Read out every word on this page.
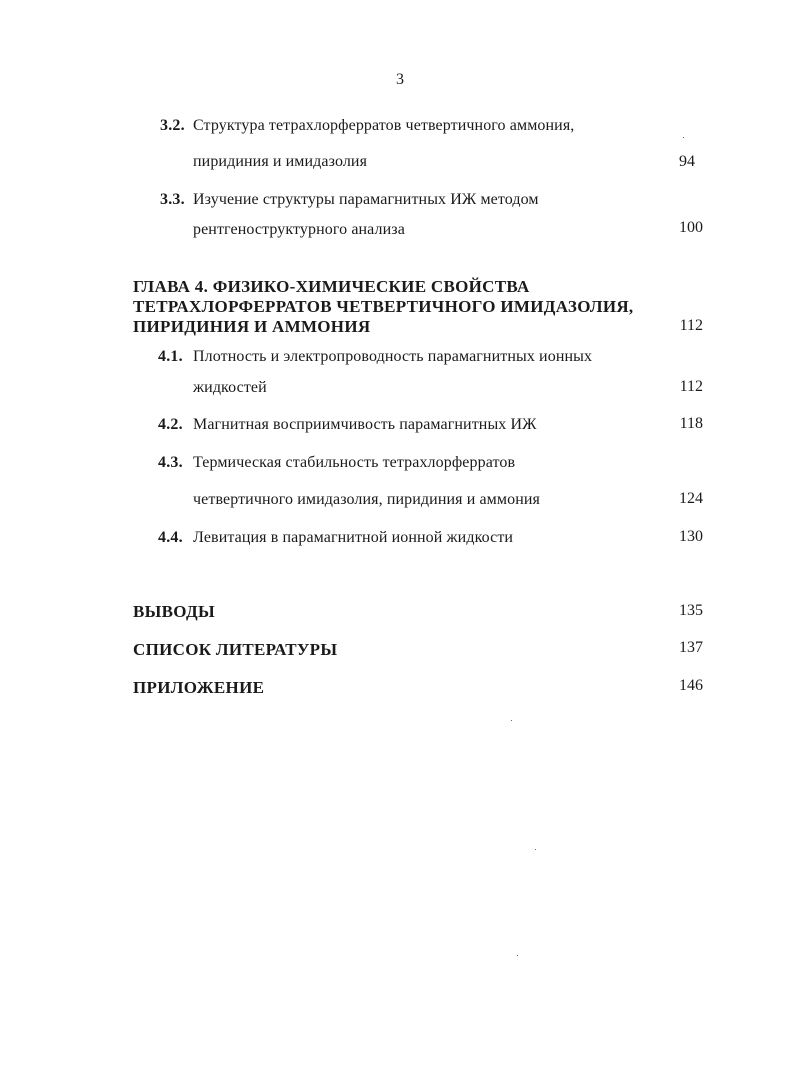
3
3.2. Структура тетрахлорферратов четвертичного аммония,
пиридиния и имидазолия	94
3.3. Изучение структуры парамагнитных ИЖ методом
рентгеноструктурного анализа	100
ГЛАВА 4. ФИЗИКО-ХИМИЧЕСКИЕ СВОЙСТВА
ТЕТРАХЛОРФЕРРАТОВ ЧЕТВЕРТИЧНОГО ИМИДАЗОЛИЯ,
ПИРИДИНИЯ И АММОНИЯ	112
4.1. Плотность и электропроводность парамагнитных ионных
жидкостей	112
4.2. Магнитная восприимчивость парамагнитных ИЖ	118
4.3. Термическая стабильность тетрахлорферратов
четвертичного имидазолия, пиридиния и аммония	124
4.4. Левитация в парамагнитной ионной жидкости	130
ВЫВОДЫ	135
СПИСОК ЛИТЕРАТУРЫ	137
ПРИЛОЖЕНИЕ	146
